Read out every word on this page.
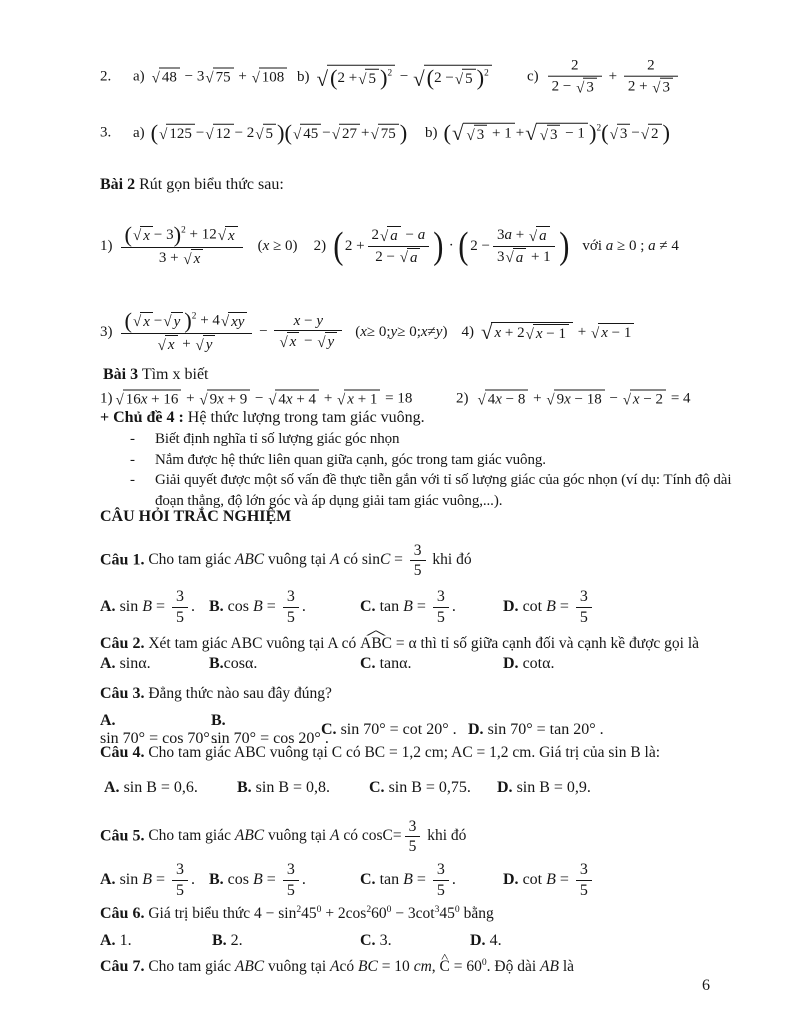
2. a) √ 48 − 3 √ 75 + √ 108 b) √ ( 2 + √ 5 ) $^2$ − √ ( 2 − √ 5 ) $^2$	$c) \frac{2}{2 - √ 3} + \frac{2}{2 + √ 3}$
3. a) ( √ 125 − √ 12 − 2 √ 5 ) ( √ 45 − √ 27 + √ 75 ) b) ( √ √ 3 + 1 + √ √ 3 − 1 ) $^2$ ( √ 3 − √ 2 )
Bài 2 Rút gọn biểu thức sau:
$1) \frac{( √ x - 3 ) ^2 + 12 √ x}{3 + √ x} (x \ge 0)$ 2) ( $2 + \frac{2 √ a - a}{2 - √ a}$ ) · ( $2 - \frac{3a + √ a}{3 √ a + 1}$ ) với a ≥ 0 ; a ≠ 4
$3) \frac{( √ x - √ y ) ^2 + 4 √ xy}{√ x + √ y} - \frac{x - y}{√ x - √ y}$ ( x ≥ 0; y ≥ 0; x ≠ y ) 4) √ x + 2 √ x − 1 + √ x − 1
Bài 3 Tìm x biết
1) √ 16x + 16 + √ 9x + 9 − √ 4x + 4 + √ x + 1 = 18	2) √ 4x − 8 + √ 9x − 18 − √ x − 2 = 4
+ Chủ đề 4 : Hệ thức lượng trong tam giác vuông.
-	Biết định nghĩa tỉ số lượng giác góc nhọn
-	Nắm được hệ thức liên quan giữa cạnh, góc trong tam giác vuông.
-	Giải quyết được một số vấn đề thực tiễn gắn với tỉ số lượng giác của góc nhọn (ví dụ: Tính độ dài đoạn thẳng, độ lớn góc và áp dụng giải tam giác vuông,...).
CÂU HỎI TRẮC NGHIỆM
Câu 1. Cho tam giác ABC vuông tại A có $\sin C = \frac{3}{5}$ khi đó
A. $\sin B = \frac{3}{5}$ . B. $\cos B = \frac{3}{5}$ .	C. $\tan B = \frac{3}{5}$ .	D. $\cot B = \frac{3}{5}$
Câu 2. Xét tam giác ABC vuông tại A có ^ ABC = α thì tỉ số giữa cạnh đối và cạnh kề được gọi là
A. sinα.	B.cosα.	C. tanα.	D. cotα.
Câu 3. Đẳng thức nào sau đây đúng?
A. sin 70° = cos 70° .
B. sin 70° = cos 20° .
C. sin 70° = cot 20° . D. sin 70° = tan 20° .
Câu 4. Cho tam giác ABC vuông tại C có BC = 1,2 cm; AC = 1,2 cm. Giá trị của sin B là:
A. sin B = 0,6.	B. sin B = 0,8.	C. sin B = 0,75.	D. sin B = 0,9.
Câu 5. Cho tam giác ABC vuông tại A có $\cos C= \frac{3}{5}$ khi đó
A. $\sin B = \frac{3}{5}$ . B. $\cos B = \frac{3}{5}$ .	C. $\tan B = \frac{3}{5}$ .	D. $\cot B = \frac{3}{5}$
Câu 6. Giá trị biểu thức $4 - \sin^245^0 + 2\cos^260^0 - 3\cot^345^0$ bằng
A. 1.	B. 2.	C. 3.	D. 4.
Câu 7. Cho tam giác ABC vuông tại Acó BC = 10 cm, ^ $C = 60^0$. Độ dài AB là
6
